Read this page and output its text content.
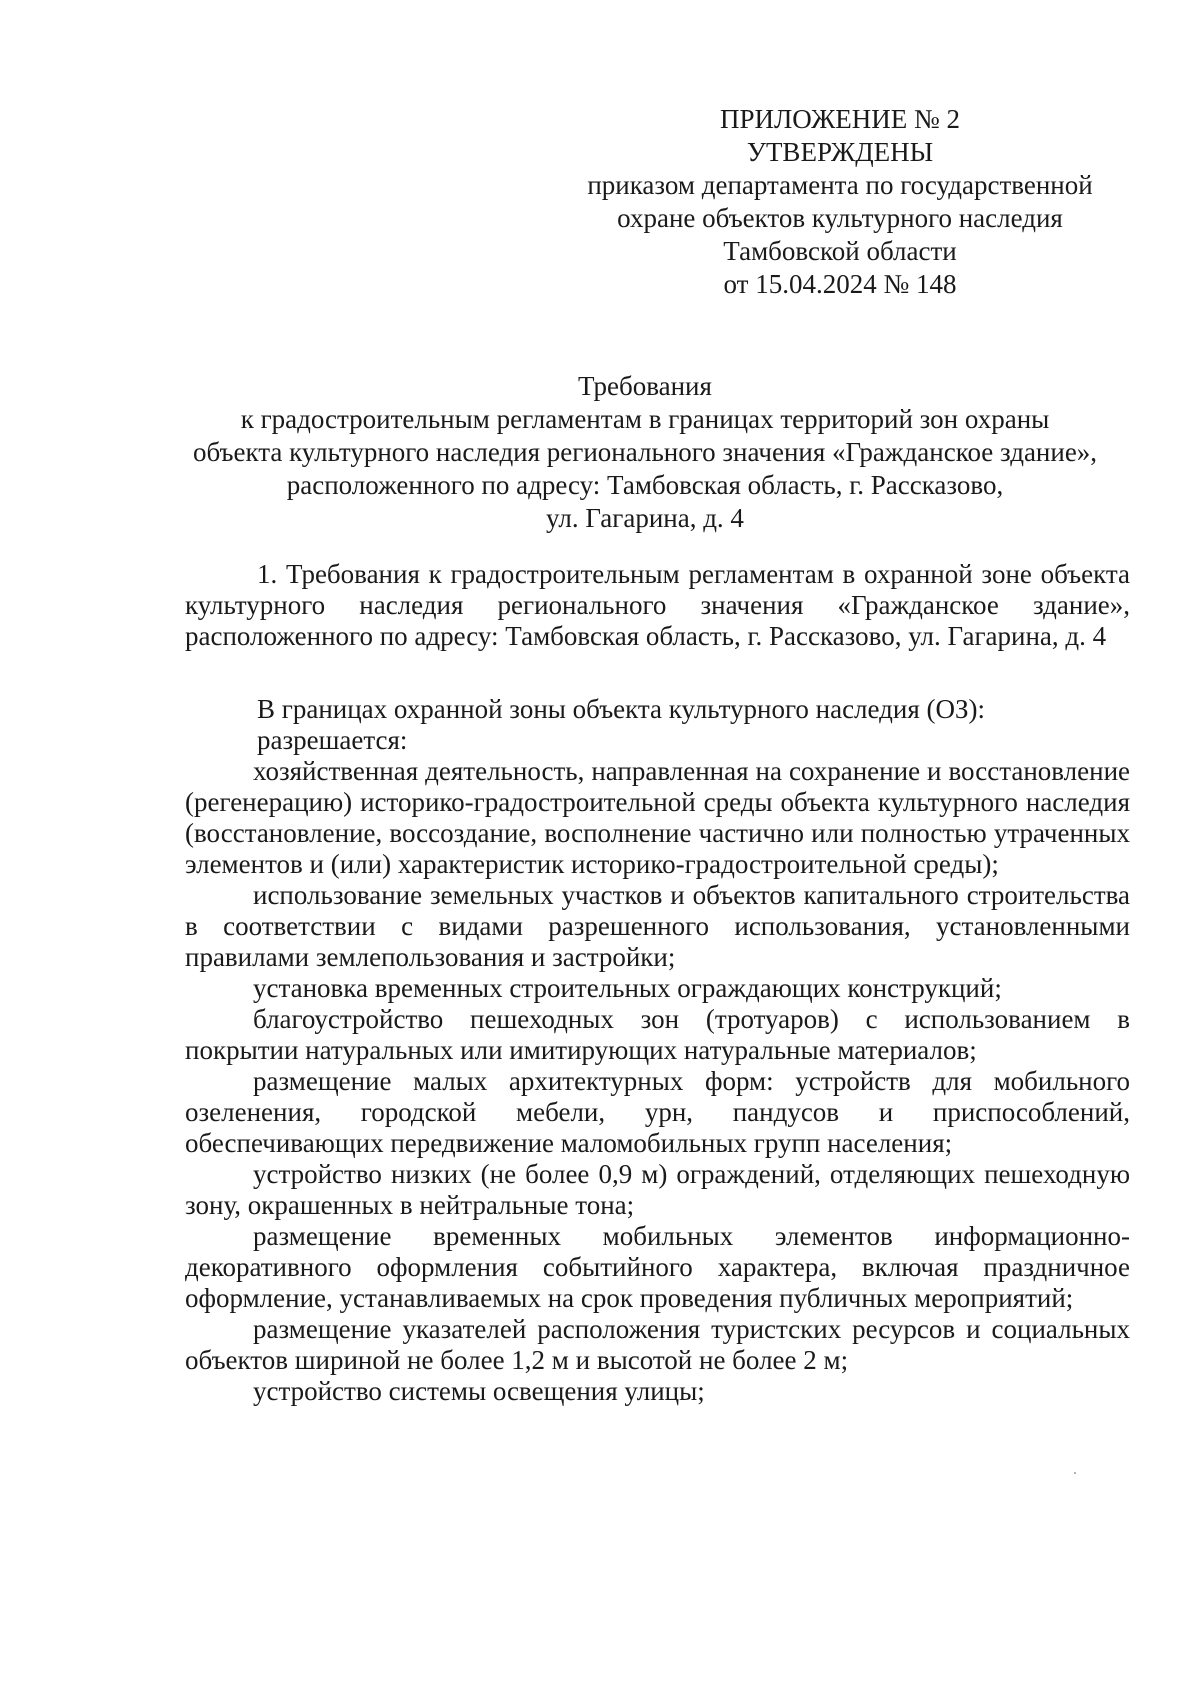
ПРИЛОЖЕНИЕ № 2
УТВЕРЖДЕНЫ
приказом департамента по государственной
охране объектов культурного наследия
Тамбовской области
от 15.04.2024 № 148
Требования
к градостроительным регламентам в границах территорий зон охраны
объекта культурного наследия регионального значения «Гражданское здание»,
расположенного по адресу: Тамбовская область, г. Рассказово,
ул. Гагарина, д. 4

1. Требования к градостроительным регламентам в охранной зоне объекта культурного наследия регионального значения «Гражданское здание», расположенного по адресу: Тамбовская область, г. Рассказово, ул. Гагарина, д. 4

В границах охранной зоны объекта культурного наследия (ОЗ):

разрешается:

хозяйственная деятельность, направленная на сохранение и восстановление (регенерацию) историко-градостроительной среды объекта культурного наследия (восстановление, воссоздание, восполнение частично или полностью утраченных элементов и (или) характеристик историко-градостроительной среды);

использование земельных участков и объектов капитального строительства в соответствии с видами разрешенного использования, установленными правилами землепользования и застройки;

установка временных строительных ограждающих конструкций;

благоустройство пешеходных зон (тротуаров) с использованием в покрытии натуральных или имитирующих натуральные материалов;

размещение малых архитектурных форм: устройств для мобильного озеленения, городской мебели, урн, пандусов и приспособлений, обеспечивающих передвижение маломобильных групп населения;

устройство низких (не более 0,9 м) ограждений, отделяющих пешеходную зону, окрашенных в нейтральные тона;

размещение временных мобильных элементов информационно-декоративного оформления событийного характера, включая праздничное оформление, устанавливаемых на срок проведения публичных мероприятий;

размещение указателей расположения туристских ресурсов и социальных объектов шириной не более 1,2 м и высотой не более 2 м;

устройство системы освещения улицы;
